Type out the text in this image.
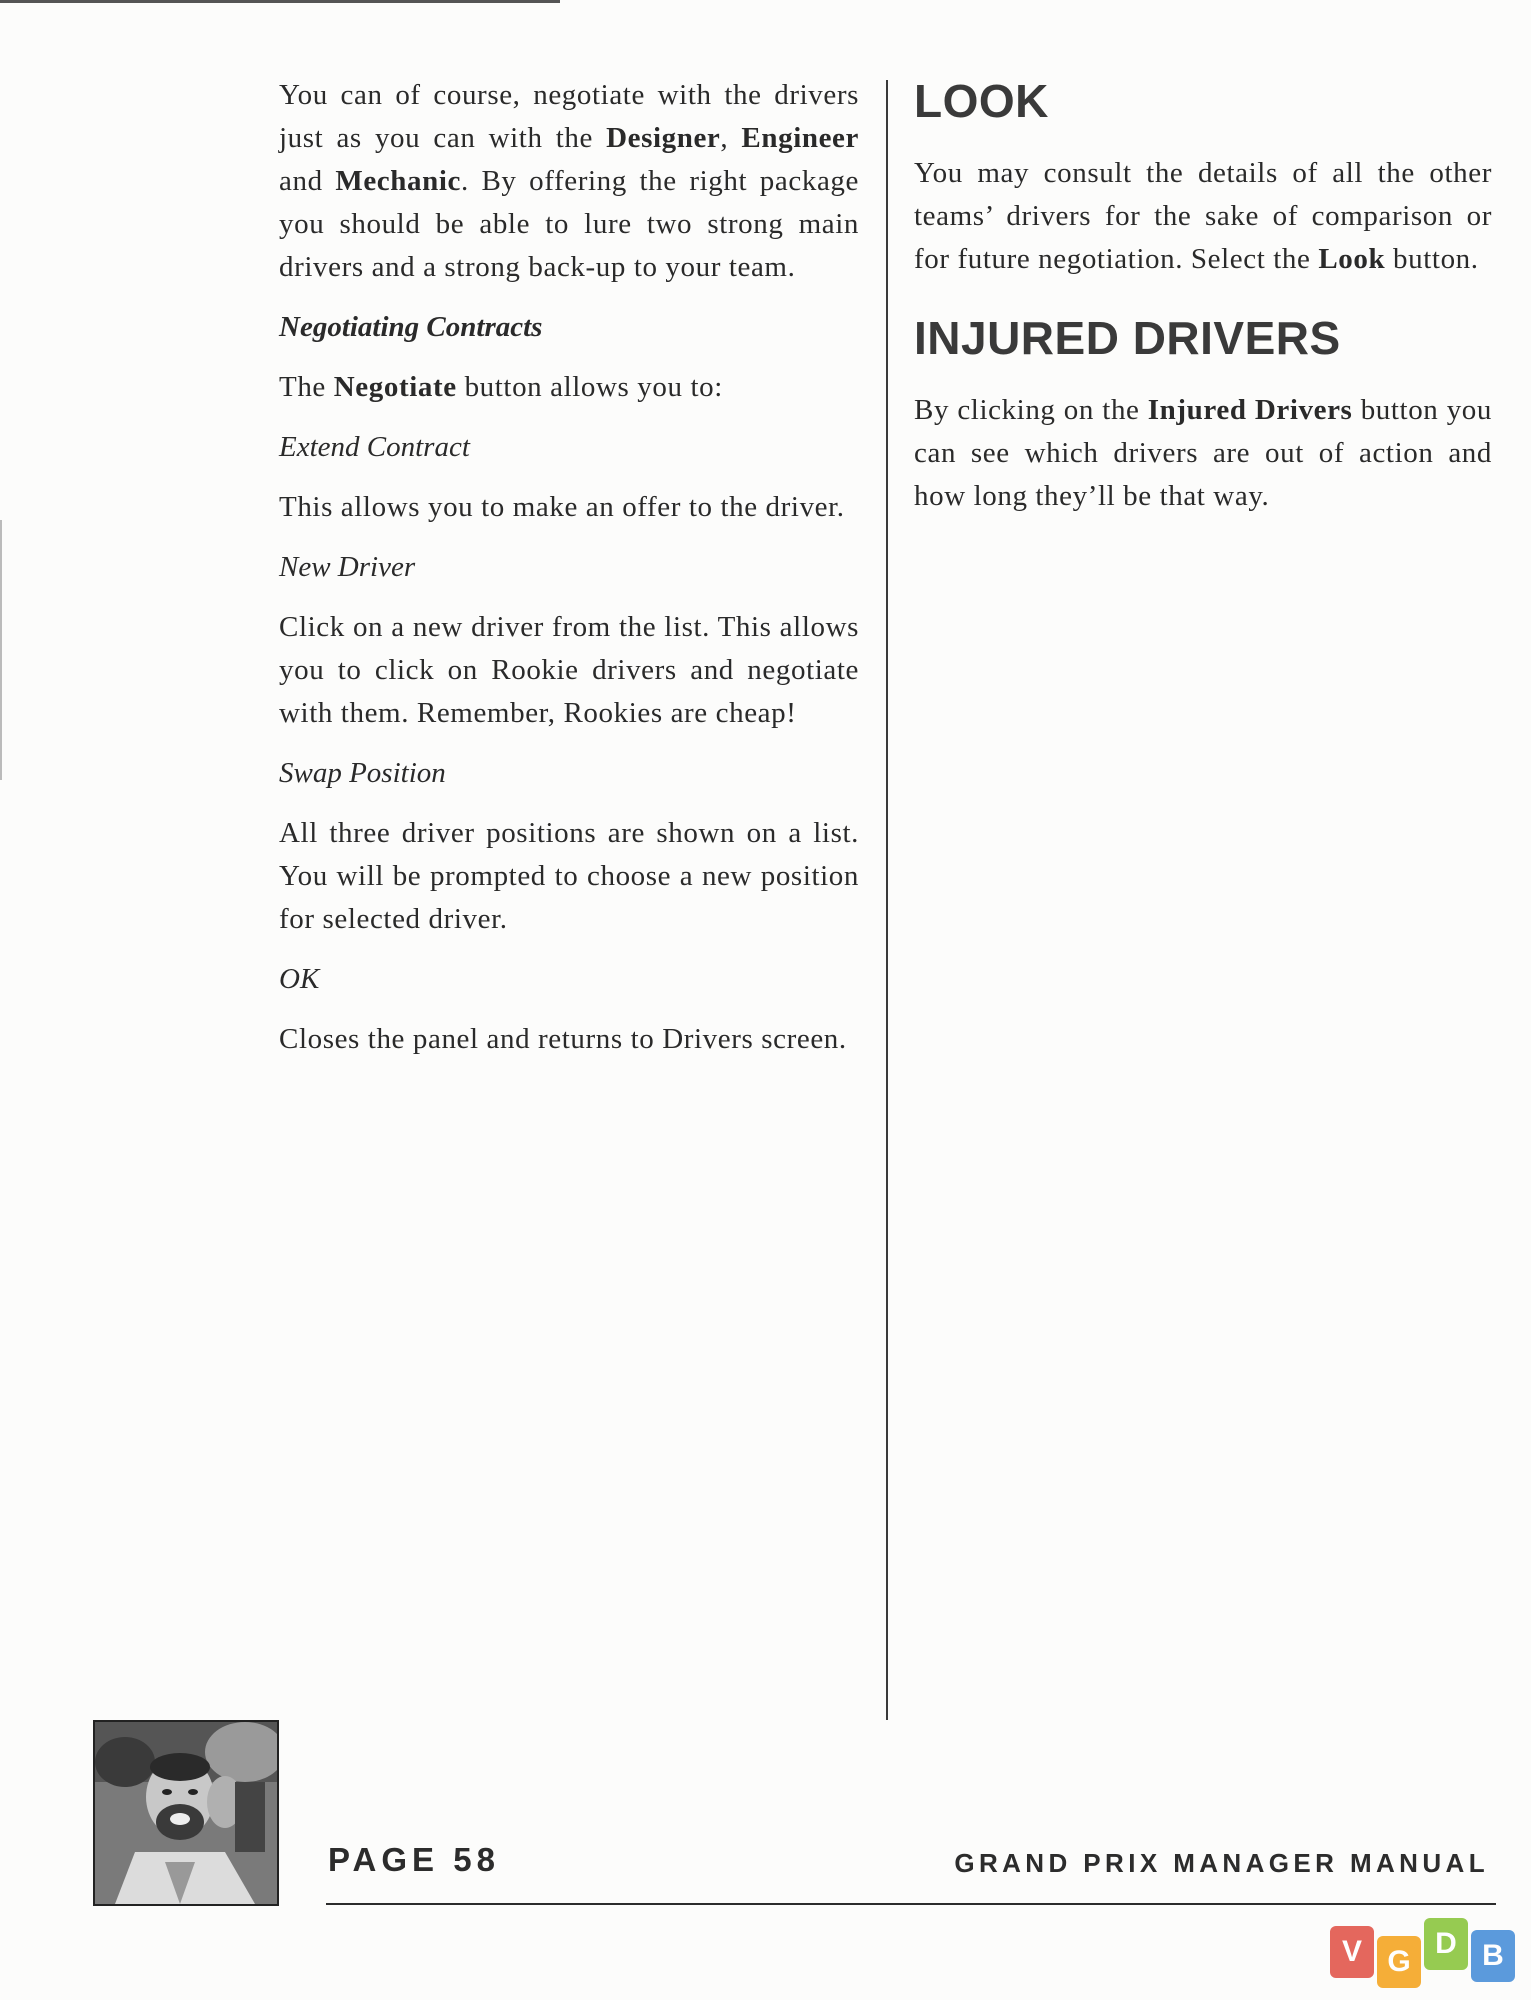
You can of course, negotiate with the drivers just as you can with the Designer, Engineer and Mechanic. By offering the right package you should be able to lure two strong main drivers and a strong back-up to your team.

Negotiating Contracts

The Negotiate button allows you to:

Extend Contract

This allows you to make an offer to the driver.

New Driver

Click on a new driver from the list. This allows you to click on Rookie drivers and negotiate with them. Remember, Rookies are cheap!

Swap Position

All three driver positions are shown on a list. You will be prompted to choose a new position for selected driver.

OK

Closes the panel and returns to Drivers screen.

LOOK

You may consult the details of all the other teams’ drivers for the sake of comparison or for future negotiation. Select the Look button.

INJURED DRIVERS

By clicking on the Injured Drivers button you can see which drivers are out of action and how long they’ll be that way.

PAGE 58	GRAND PRIX MANAGER MANUAL
V G
D B
